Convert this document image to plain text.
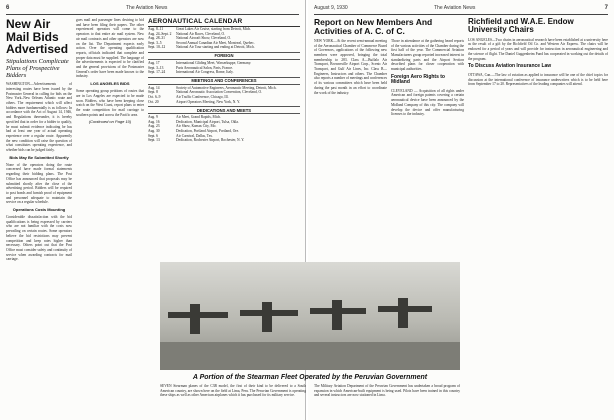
6	The Aviation News
New Air Mail Bids Advertised
Stipulations Complicate Plans of Prospective Bidders
WASHINGTON—Advertisements of interesting routes have been issued by the Postmaster General in calling for bids on the New York–New Orleans Atlantic route and others. The requirement which will affect bidders more fundamentally is as follows: In accordance with the Act of August 14, 1946, and Regulations thereunder, it is hereby specified that in order for a bidder to qualify, he must submit evidence indicating he has had at least one year of actual operating experience over a regular route. Apparently the new condition will raise the question of what constitutes operating experience, and whether bids can be judged fairly.
Bids May Be Submitted Shortly
None of the operators doing the route concerned have made formal statements regarding their bidding plans. The Post Office has announced that proposals may be submitted shortly after the close of the advertising period. Bidders will be required to post bonds and furnish proof of equipment and personnel adequate to maintain the service on a regular schedule.
Operations Costs Mounting
Considerable dissatisfaction with the bid qualifications is being expressed by carriers who are not familiar with the costs now prevailing on certain routes. Some operators believe the bid restrictions may prevent competition and keep rates higher than necessary. Others point out that the Post Office must consider safety and continuity of service when awarding contracts for mail carriage.
goes mail and passenger lines desiring to bid and have been filing their papers. The other experienced operators will come to the operators to that entire air mail system. New air mail contracts and other operators are now on the list. The Department expects early action. Over the operating qualification reports, officials indicated that complete and proper data must be supplied. The language of the advertisements is expected to be clarified and the general provisions of the Postmaster General's order have been made known to the industry.
LOS ANGELES BIDS
Some operating group petitions of routes that are in Los Angeles are expected to be made soon. Bidders, who have been keeping close watch on the West Coast, report plans to enter the route competition for mail carriage to southern points and across the Pacific area.
(Continued on Page 10)
AERONAUTICAL CALENDAR
Aug. 8–11	Great Lakes Air Cruise, starting from Detroit, Mich.
Aug. 24–Sept. 2	National Air Races, Cleveland, O.
Aug. 28–31	National Aircraft Show, Cleveland, O.
Sept. 3–5	Second Annual Canadian Air Meet, Montreal, Quebec.
Sept. 10–12	National Air Tour starting and ending at Detroit, Mich.
FOREIGN
Aug. 17	International Gliding Meet, Wasserkuppe, Germany.
Sept. 3–13	Paris Aeronautical Salon, Paris, France.
Sept. 17–24	International Air Congress, Rome, Italy.
MEETINGS AND CONFERENCES
Aug. 14	Society of Automotive Engineers, Aeronautic Meeting, Detroit, Mich.
Sept. 8	National Aeronautic Association Convention, Cleveland, O.
Oct. 6–9	Air Traffic Conference, Chicago, Ill.
Oct. 20	Airport Operators Meeting, New York, N. Y.
DEDICATIONS AND MEETS
Aug. 9	Air Meet, Grand Rapids, Mich.
Aug. 16	Dedication, Municipal Airport, Tulsa, Okla.
Aug. 23	Air Show, Kansas City, Mo.
Aug. 30	Dedication, Portland Airport, Portland, Ore.
Sept. 6	Air Carnival, Dallas, Tex.
Sept. 13	Dedication, Rochester Airport, Rochester, N. Y.
August 9, 1930	The Aviation News	7
Report on New Members And Activities of A. C. of C.
NEW YORK—At the recent semi-annual meeting of the Aeronautical Chamber of Commerce Board of Governors, applications of the following new members were approved, bringing the total membership to 283. Class A—Buffalo Air Transport, Brownsville Airport Corp., Scenic Air Transport, and Gulf Air Lines, Inc. Class B—Engineers, Instructors and others. The Chamber also reports a number of meetings and conferences of its various committees which have been held during the past month in an effort to coordinate the work of the industry.
Those in attendance at the gathering heard reports of the various activities of the Chamber during the first half of the year. The Commercial Aviation Manufacturers group reported increased interest in standardizing parts and the Airport Section described plans for closer cooperation with municipal authorities.
Foreign Aero Rights to Midland
CLEVELAND — Acquisition of all rights under American and foreign patents covering a certain aeronautical device have been announced by the Midland Company of this city. The company will develop the device and offer manufacturing licenses to the industry.
Richfield and W.A.E. Endow University Chairs
LOS ANGELES—Two chairs in aeronautical research have been established at a university here as the result of a gift by the Richfield Oil Co. and Western Air Express. The chairs will be endowed for a period of years and will provide for instruction in aeronautical engineering and the science of flight. The Daniel Guggenheim Fund has cooperated in working out the details of the program.
To Discuss Aviation Insurance Law
OTTAWA, Can.—The law of aviation as applied to insurance will be one of the chief topics for discussion at the international conference of insurance underwriters which is to be held here from September 17 to 20. Representatives of the leading companies will attend.
A Portion of the Stearman Fleet Operated by the Peruvian Government
SEVEN Stearman planes of the C3B model, the first of their kind to be delivered to a South American country, are shown here on the field at Lima, Peru. The Peruvian Government is operating these ships as well as other American airplanes which it has purchased for its military service.
The Military Aviation Department of the Peruvian Government has undertaken a broad program of expansion in which American-built equipment is being used. Pilots have been trained in this country and several instructors are now stationed in Lima.
